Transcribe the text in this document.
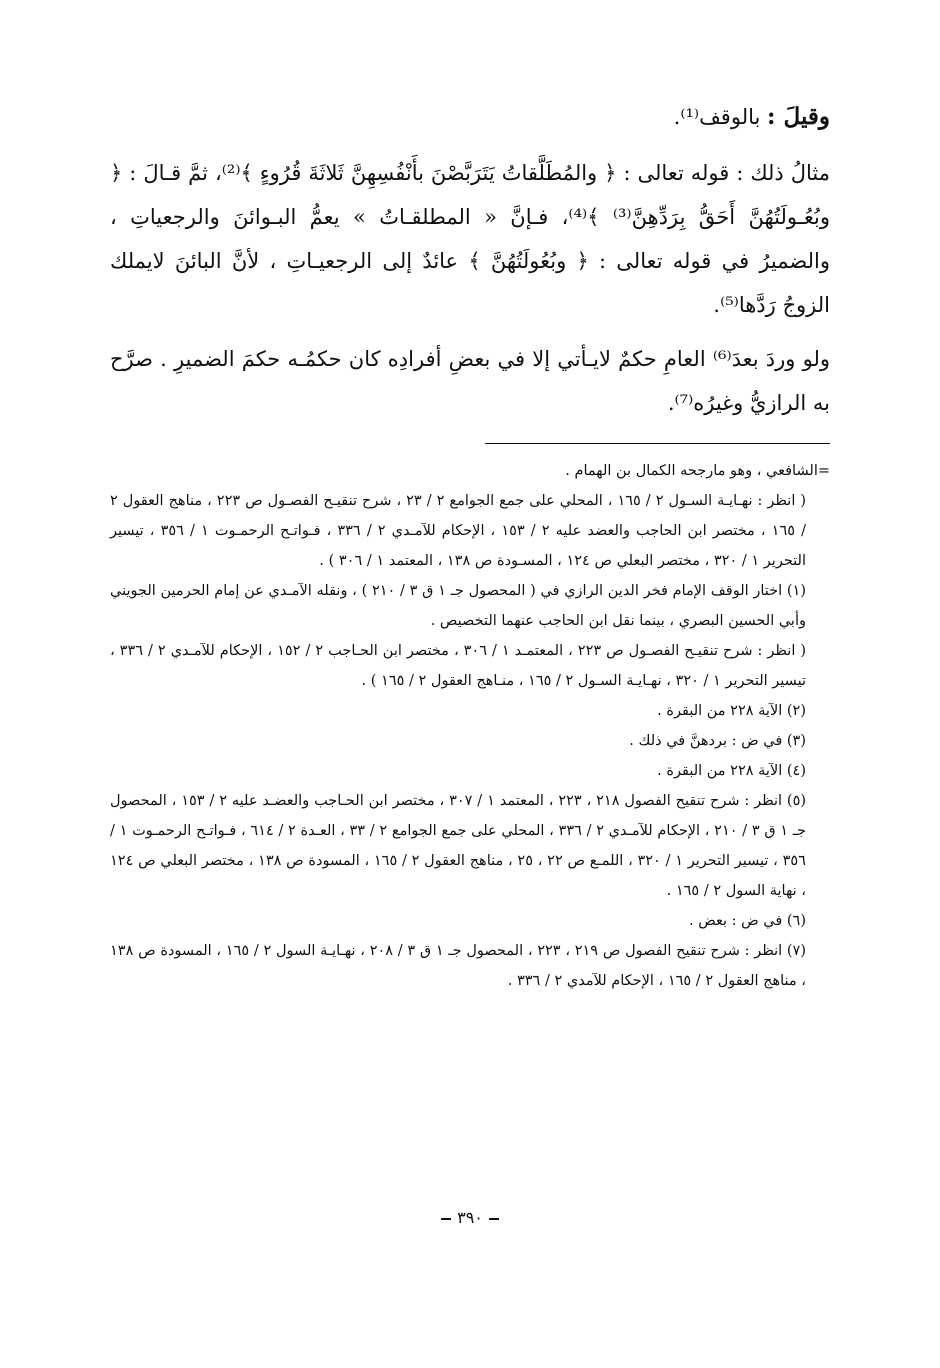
وقيلَ : بالوقف⁽¹⁾.

مثالُ ذلك : قوله تعالى : ﴿ والمُطَلَّقاتُ يَتَرَبَّصْنَ بأَنْفُسِهِنَّ ثَلاثَةَ قُرُوءٍ ﴾⁽²⁾، ثمَّ قـالَ : ﴿ وبُعُـولَتُهُنَّ أَحَقُّ بِرَدِّهِنَّ⁽³⁾ ﴾⁽⁴⁾، فـإنَّ « المطلقـاتُ » يعمُّ البـوائنَ والرجعياتِ ، والضميرُ في قوله تعالى : ﴿ وبُعُولَتُهُنَّ ﴾ عائدٌ إلى الرجعيـاتِ ، لأنَّ البائنَ لايملك الزوجُ رَدَّها⁽⁵⁾.

ولو وردَ بعدَ⁽⁶⁾ العامِ حكمٌ لايـأتي إلا في بعضِ أفرادِه كان حكمُـه حكمَ الضميرِ . صرَّح به الرازيُّ وغيرُه⁽⁷⁾.

=الشافعي ، وهو مارجحه الكمال بن الهمام .

( انظر : نهـايـة السـول ٢ / ١٦٥ ، المحلي على جمع الجوامع ٢ / ٢٣ ، شرح تنقيـح الفصـول ص ٢٢٣ ، مناهج العقول ٢ / ١٦٥ ، مختصر ابن الحاجب والعضد عليه ٢ / ١٥٣ ، الإحكام للآمـدي ٢ / ٣٣٦ ، فـواتـح الرحمـوت ١ / ٣٥٦ ، تيسير التحرير ١ / ٣٢٠ ، مختصر البعلي ص ١٢٤ ، المسـودة ص ١٣٨ ، المعتمد ١ / ٣٠٦ ) .

(١) اختار الوقف الإمام فخر الدين الرازي في ( المحصول جـ ١ ق ٣ / ٢١٠ ) ، ونقله الآمـدي عن إمام الحرمين الجويني وأبي الحسين البصري ، بينما نقل ابن الحاجب عنهما التخصيص .

( انظر : شرح تنقيـح الفصـول ص ٢٢٣ ، المعتمـد ١ / ٣٠٦ ، مختصر ابن الحـاجب ٢ / ١٥٢ ، الإحكام للآمـدي ٢ / ٣٣٦ ، تيسير التحرير ١ / ٣٢٠ ، نهـايـة السـول ٢ / ١٦٥ ، منـاهج العقول ٢ / ١٦٥ ) .

(٢) الآية ٢٢٨ من البقرة .

(٣) في ض : بردهنَّ في ذلك .

(٤) الآية ٢٢٨ من البقرة .

(٥) انظر : شرح تنقيح الفصول ٢١٨ ، ٢٢٣ ، المعتمد ١ / ٣٠٧ ، مختصر ابن الحـاجب والعضـد عليه ٢ / ١٥٣ ، المحصول جـ ١ ق ٣ / ٢١٠ ، الإحكام للآمـدي ٢ / ٣٣٦ ، المحلي على جمع الجوامع ٢ / ٣٣ ، العـدة ٢ / ٦١٤ ، فـواتـح الرحمـوت ١ / ٣٥٦ ، تيسير التحرير ١ / ٣٢٠ ، اللمـع ص ٢٢ ، ٢٥ ، مناهج العقول ٢ / ١٦٥ ، المسودة ص ١٣٨ ، مختصر البعلي ص ١٢٤ ، نهاية السول ٢ / ١٦٥ .

(٦) في ض : بعض .

(٧) انظر : شرح تنقيح الفصول ص ٢١٩ ، ٢٢٣ ، المحصول جـ ١ ق ٣ / ٢٠٨ ، نهـايـة السول ٢ / ١٦٥ ، المسودة ص ١٣٨ ، مناهج العقول ٢ / ١٦٥ ، الإحكام للآمدي ٢ / ٣٣٦ .

٣٩٠
